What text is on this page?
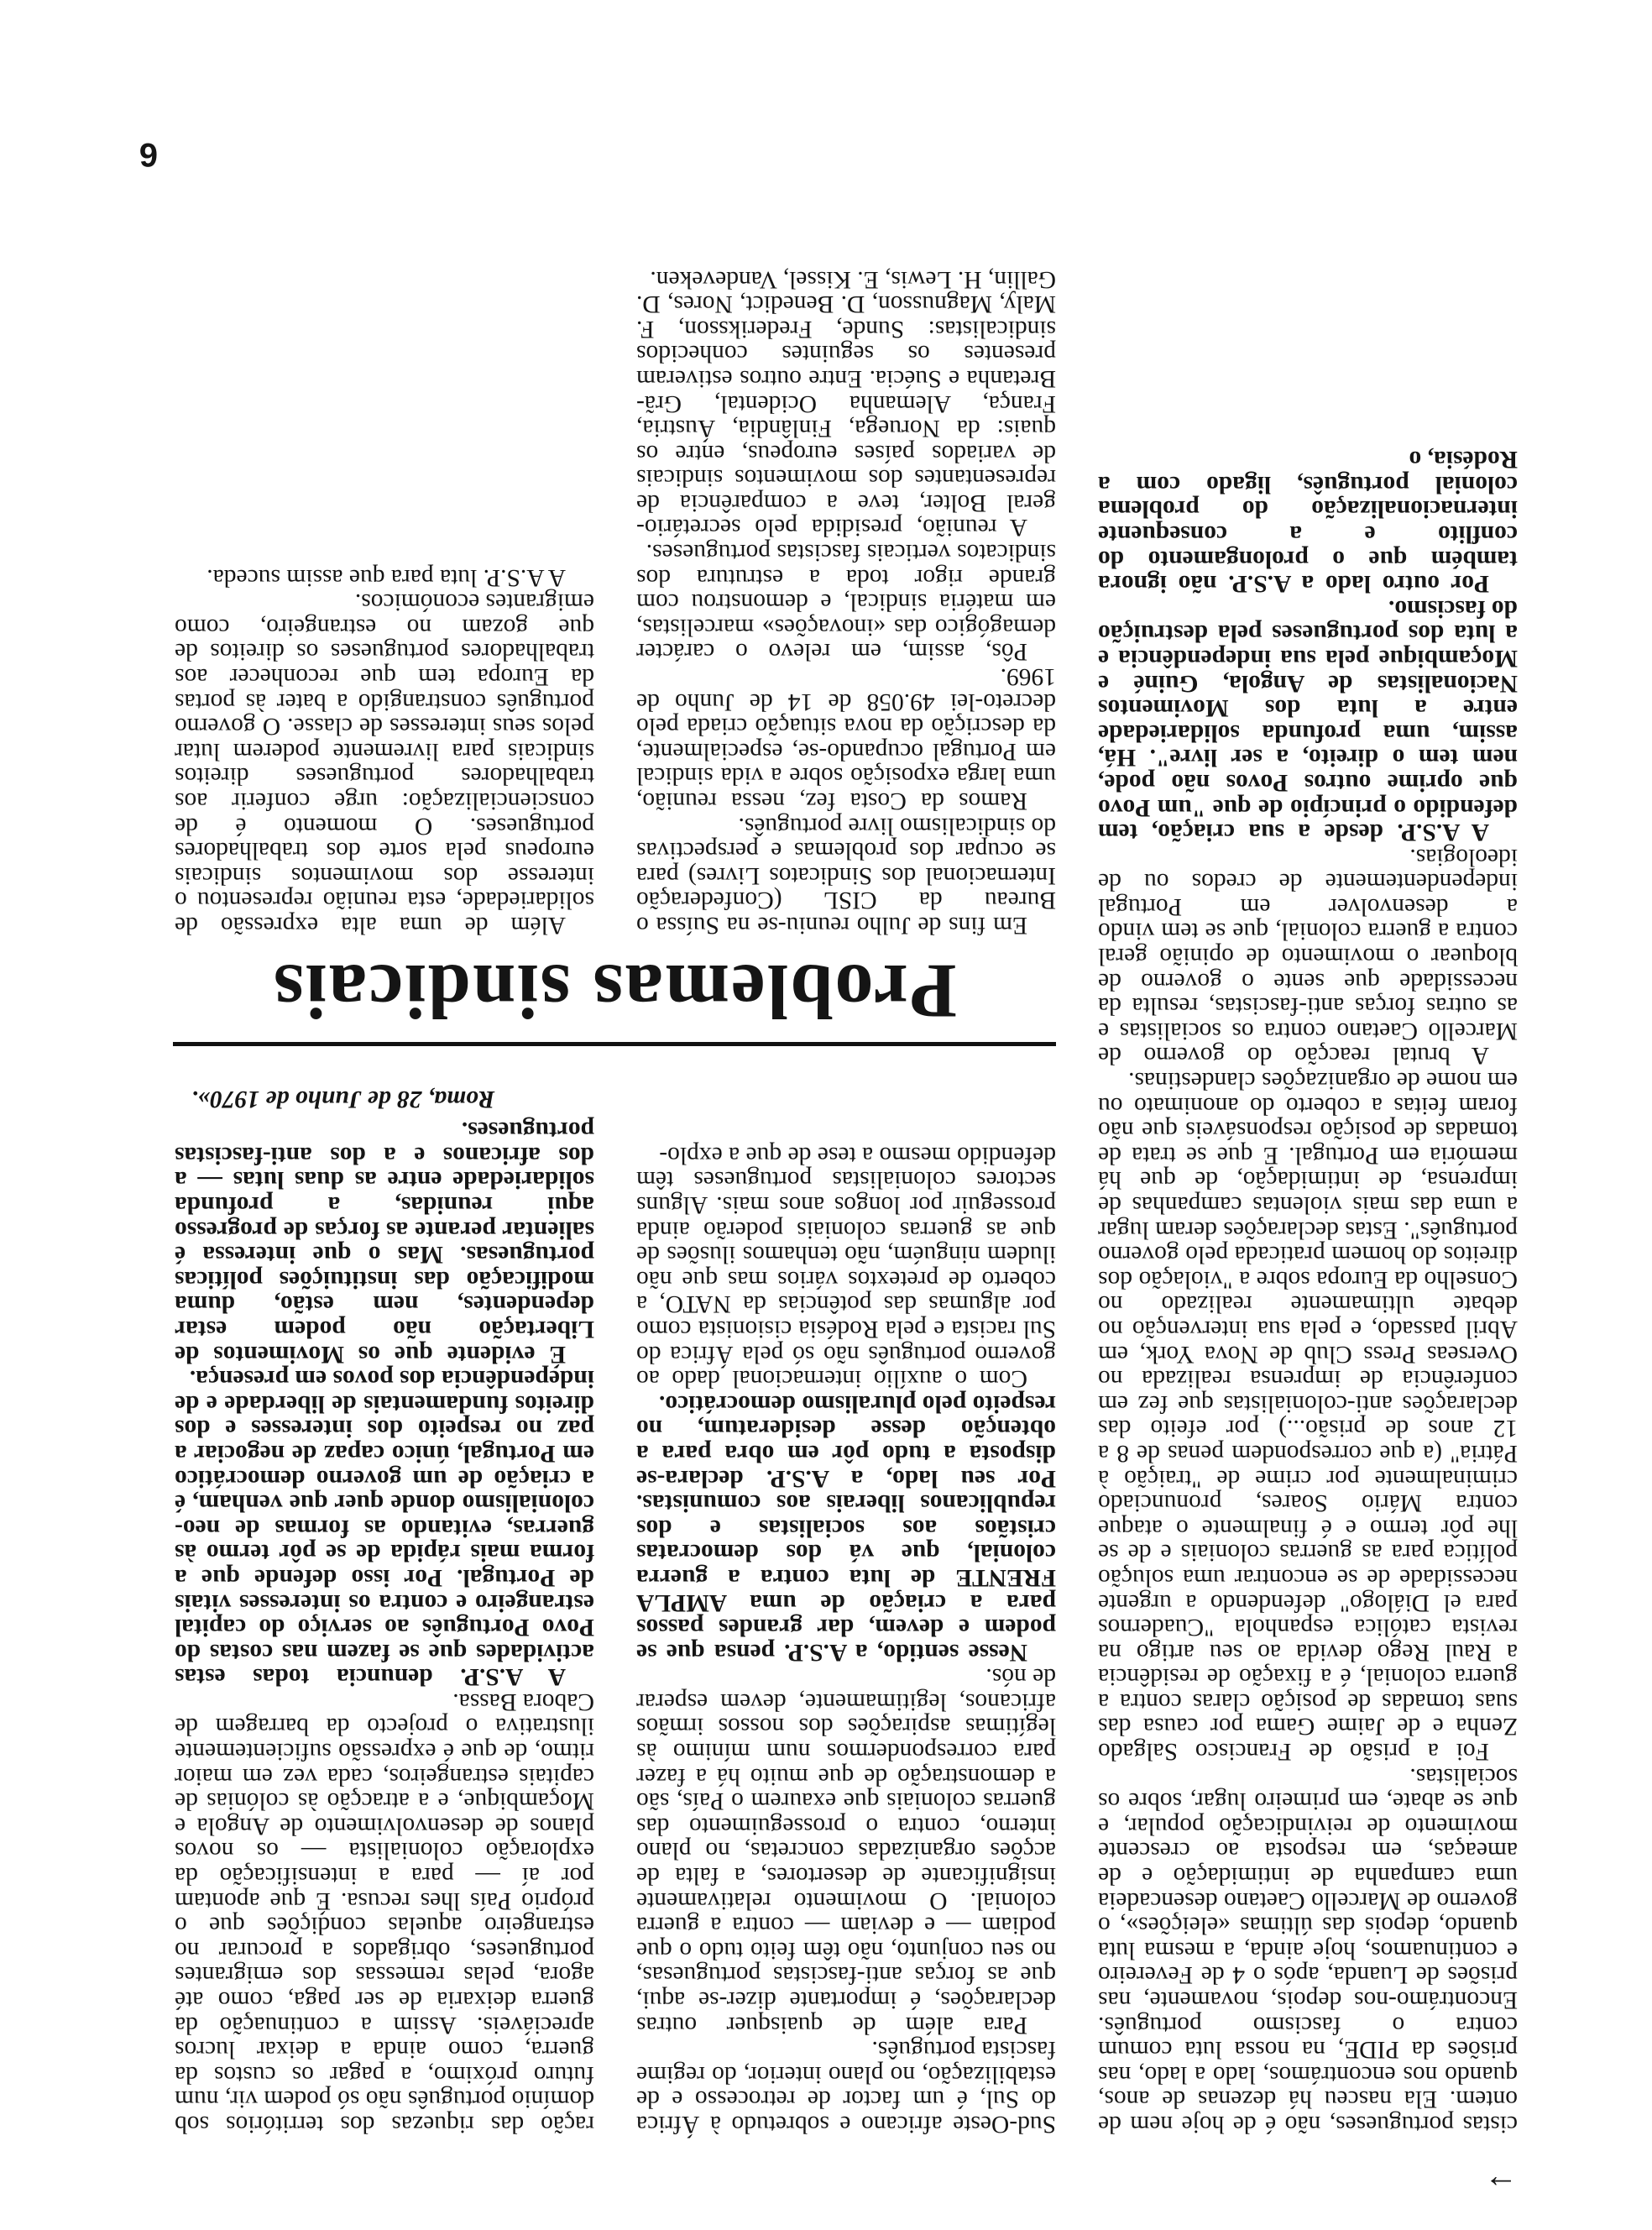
→

cistas portugueses, não é de hoje nem de ontem. Ela nasceu há dezenas de anos, quando nos encontrámos, lado a lado, nas prisões da PIDE, na nossa luta comum contra o fascismo português. Encontrámo-nos depois, novamente, nas prisões de Luanda, após o 4 de Fevereiro e continuamos, hoje ainda, a mesma luta quando, depois das últimas «eleições», o governo de Marcello Caetano desencadeia uma campanha de intimidação e de ameaças, em resposta ao crescente movimento de reivindicação popular, e que se abate, em primeiro lugar, sobre os socialistas.

Foi a prisão de Francisco Salgado Zenha e de Jaime Gama por causa das suas tomadas de posição claras contra a guerra colonial, é a fixação de residência a Raul Rego devida ao seu artigo na revista católica espanhola "Cuadernos para el Diálogo" defendendo a urgente necessidade de se encontrar uma solução política para as guerras coloniais e de se lhe pôr termo e é finalmente o ataque contra Mário Soares, pronunciado criminalmente por crime de "traição à Pátria" (a que correspondem penas de 8 a 12 anos de prisão...) por efeito das declarações anti-colonialistas que fez em conferência de imprensa realizada no Overseas Press Club de Nova York, em Abril passado, e pela sua intervenção no debate ultimamente realizado no Conselho da Europa sobre a "violação dos direitos do homem praticada pelo governo português". Estas declarações deram lugar a uma das mais violentas campanhas de imprensa, de intimidação, de que há memória em Portugal. E que se trata de tomadas de posição responsáveis que não foram feitas a coberto do anonimato ou em nome de organizações clandestinas.

A brutal reacção do governo de Marcello Caetano contra os socialistas e as outras forças anti-fascistas, resulta da necessidade que sente o governo de bloquear o movimento de opinião geral contra a guerra colonial, que se tem vindo a desenvolver em Portugal independentemente de credos ou de ideologias.

A A.S.P. desde a sua criação, tem defendido o princípio de que "um Povo que oprime outros Povos não pode, nem tem o direito, a ser livre". Há, assim, uma profunda solidariedade entre a luta dos Movimentos Nacionalistas de Angola, Guiné e Moçambique pela sua independência e a luta dos portugueses pela destruição do fascismo.

Por outro lado a A.S.P. não ignora também que o prolongamento do conflito e a consequente internacionalização do problema colonial português, ligado com a Rodésia, o

Sud-Oeste africano e sobretudo à África do Sul, é um factor de retrocesso e de estabilização, no plano interior, do regime fascista português.

Para além de quaisquer outras declarações, é importante dizer-se aqui, que as forças anti-fascistas portuguesas, no seu conjunto, não têm feito tudo o que podiam — e deviam — contra a guerra colonial. O movimento relativamente insignificante de desertores, a falta de acções organizadas concretas, no plano interno, contra o prosseguimento das guerras coloniais que exaurem o País, são a demonstração de que muito há a fazer para correspondermos num mínimo às legítimas aspirações dos nossos irmãos africanos, legitimamente, devem esperar de nós.

Nesse sentido, a A.S.P. pensa que se podem e devem, dar grandes passos para a criação de uma AMPLA FRENTE de luta contra a guerra colonial, que vá dos democratas cristãos aos socialistas e dos republicanos liberais aos comunistas. Por seu lado, a A.S.P. declara-se disposta a tudo pôr em obra para a obtenção desse desideratum, no respeito pelo pluralismo democrático.

Com o auxílio internacional dado ao governo português não só pela África do Sul racista e pela Rodésia cisionista como por algumas das potências da NATO, a coberto de pretextos vários mas que não iludem ninguém, não tenhamos ilusões de que as guerras coloniais poderão ainda prosseguir por longos anos mais. Alguns sectores colonialistas portugueses têm defendido mesmo a tese de que a explo-

ração das riquezas dos territórios sob domínio português não só podem vir, num futuro próximo, a pagar os custos da guerra, como ainda a deixar lucros apreciáveis. Assim a continuação da guerra deixaria de ser paga, como até agora, pelas remessas dos emigrantes portugueses, obrigados a procurar no estrangeiro aquelas condições que o próprio País lhes recusa. É que apontam por aí — para a intensificação da exploração colonialista — os novos planos de desenvolvimento de Angola e Moçambique, e a atracção às colónias de capitais estrangeiros, cada vez em maior ritmo, de que é expressão suficientemente ilustrativa o projecto da barragem de Cabora Bassa.

A A.S.P. denuncia todas estas actividades que se fazem nas costas do Povo Português ao serviço do capital estrangeiro e contra os interesses vitais de Portugal. Por isso defende que a forma mais rápida de se pôr termo às guerras, evitando as formas de neo-colonialismo donde quer que venham, é a criação de um governo democrático em Portugal, único capaz de negociar a paz no respeito dos interesses e dos direitos fundamentais de liberdade e de independência dos povos em presença.

É evidente que os Movimentos de Libertação não podem estar dependentes, nem estão, duma modificação das instituições políticas portuguesas. Mas o que interessa é salientar perante as forças de progresso aqui reunidas, a profunda solidariedade entre as duas lutas — a dos africanos e a dos anti-fascistas portugueses.

Roma, 28 de Junho de 1970».

Problemas sindicais

Em fins de Julho reuniu-se na Suíssa o Bureau da CISL (Confederação Internacional dos Sindicatos Livres) para se ocupar dos problemas e perspectivas do sindicalismo livre português.

Ramos da Costa fez, nessa reunião, uma larga exposição sobre a vida sindical em Portugal ocupando-se, especialmente, da descrição da nova situação criada pelo decreto-lei 49.058 de 14 de Junho de 1969.

Pôs, assim, em relevo o carácter demagógico das «inovações» marcelistas, em matéria sindical, e demonstrou com grande rigor toda a estrutura dos sindicatos verticais fascistas portugueses.

A reunião, presidida pelo secretário-geral Bolter, teve a comparência de representantes dos movimentos sindicais de variados países europeus, entre os quais: da Noruega, Finlândia, Áustria, França, Alemanha Ocidental, Grã-Bretanha e Suécia. Entre outros estiveram presentes os seguintes conhecidos sindicalistas: Sunde, Frederiksson, F. Maly, Magnusson, D. Benedict, Nores, D. Gallin, H. Lewis, E. Kissel, Vandeveken.

Além de uma alta expressão de solidariedade, esta reunião representou o interesse dos movimentos sindicais europeus pela sorte dos trabalhadores portugueses. O momento é de consciencialização: urge conferir aos trabalhadores portugueses direitos sindicais para livremente poderem lutar pelos seus interesses de classe. O governo português constrangido a bater às portas da Europa tem que reconhecer aos trabalhadores portugueses os direitos de que gozam no estrangeiro, como emigrantes económicos.

A A.S.P. luta para que assim suceda.

6
